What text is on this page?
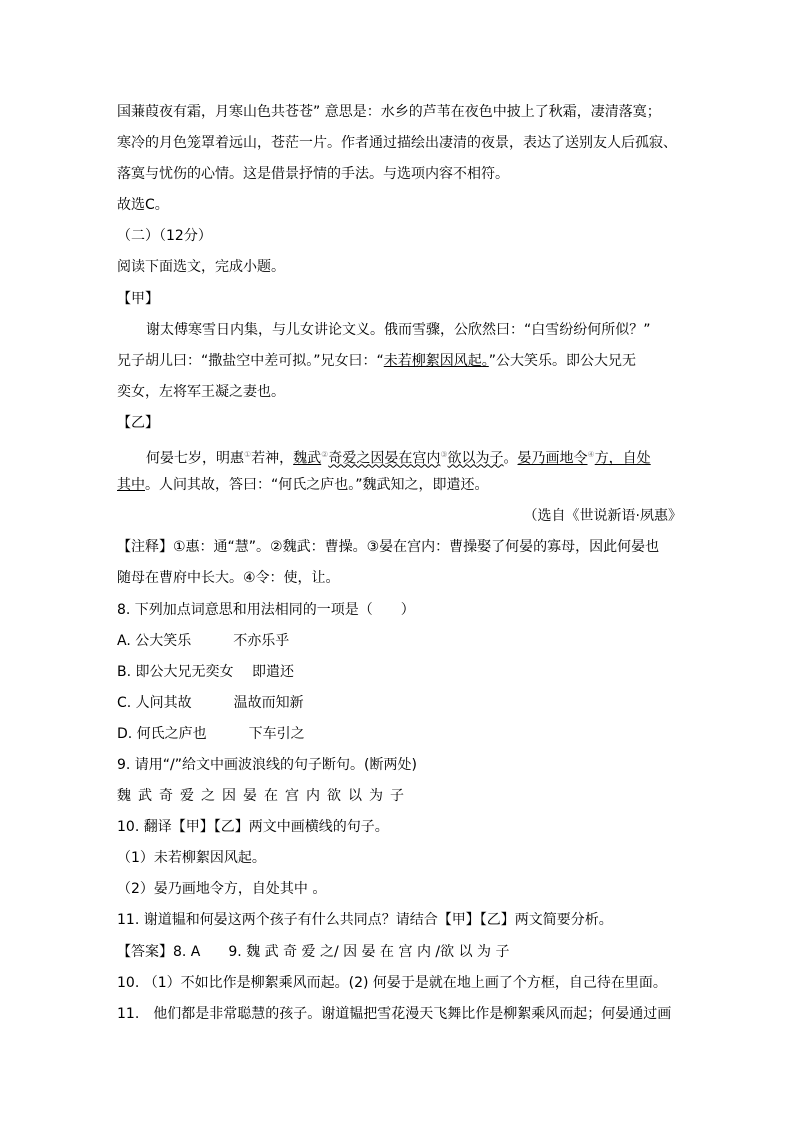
国蒹葭夜有霜，月寒山色共苍苍” 意思是：水乡的芦苇在夜色中披上了秋霜，凄清落寞；
寒冷的月色笼罩着远山，苍茫一片。作者通过描绘出凄清的夜景，表达了送别友人后孤寂、
落寞与忧伤的心情。这是借景抒情的手法。与选项内容不相符。
故选C。
（二）（12分）
阅读下面选文，完成小题。
【甲】
谢太傅寒雪日内集，与儿女讲论文义。俄而雪骤，公欣然曰：“白雪纷纷何所似？”
兄子胡儿曰：“撒盐空中差可拟。”兄女曰：“未若柳絮因风起。”公大笑乐。即公大兄无
奕女，左将军王凝之妻也。
【乙】
何晏七岁，明惠①若神，魏武②奇爱之因晏在宫内③欲以为子。晏乃画地令④方，自处
其中。人问其故，答曰：“何氏之庐也。”魏武知之，即遣还。
（选自《世说新语·夙惠》
【注释】①惠：通“慧”。②魏武：曹操。③晏在宫内：曹操娶了何晏的寡母，因此何晏也
随母在曹府中长大。④令：使，让。
8. 下列加点词意思和用法相同的一项是（　　）
A. 公大笑乐　　　不亦乐乎
B. 即公大兄无奕女　 即遣还
C. 人问其故　　　温故而知新
D. 何氏之庐也　　　下车引之
9. 请用“/”给文中画波浪线的句子断句。(断两处)
魏武奇爱之因晏在宫内欲以为子
10. 翻译【甲】【乙】两文中画横线的句子。
（1）未若柳絮因风起。
（2）晏乃画地令方，自处其中 。
11. 谢道韫和何晏这两个孩子有什么共同点？请结合【甲】【乙】两文简要分析。
【答案】8. A　　9. 魏 武 奇 爱 之/ 因 晏 在 宫 内 /欲 以 为 子
10. （1）不如比作是柳絮乘风而起。(2) 何晏于是就在地上画了个方框，自己待在里面。
11.　他们都是非常聪慧的孩子。谢道韫把雪花漫天飞舞比作是柳絮乘风而起；何晏通过画
